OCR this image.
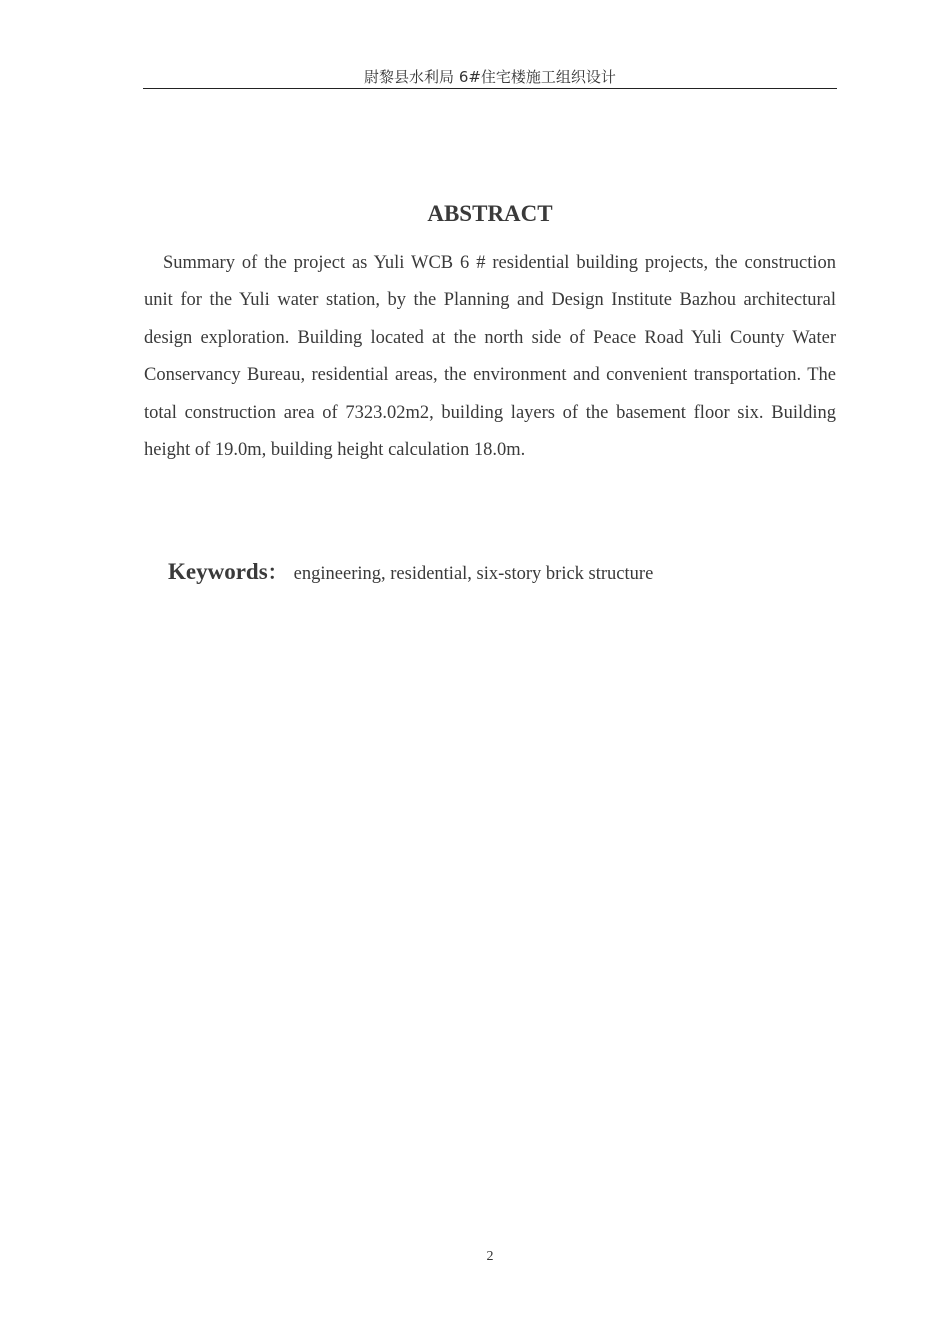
尉黎县水利局 6#住宅楼施工组织设计
ABSTRACT

Summary of the project as Yuli WCB 6 # residential building projects, the construction unit for the Yuli water station, by the Planning and Design Institute Bazhou architectural design exploration. Building located at the north side of Peace Road Yuli County Water Conservancy Bureau, residential areas, the environment and convenient transportation. The total construction area of 7323.02m2, building layers of the basement floor six. Building height of 19.0m, building height calculation 18.0m.

Keywords： engineering, residential, six-story brick structure
2
